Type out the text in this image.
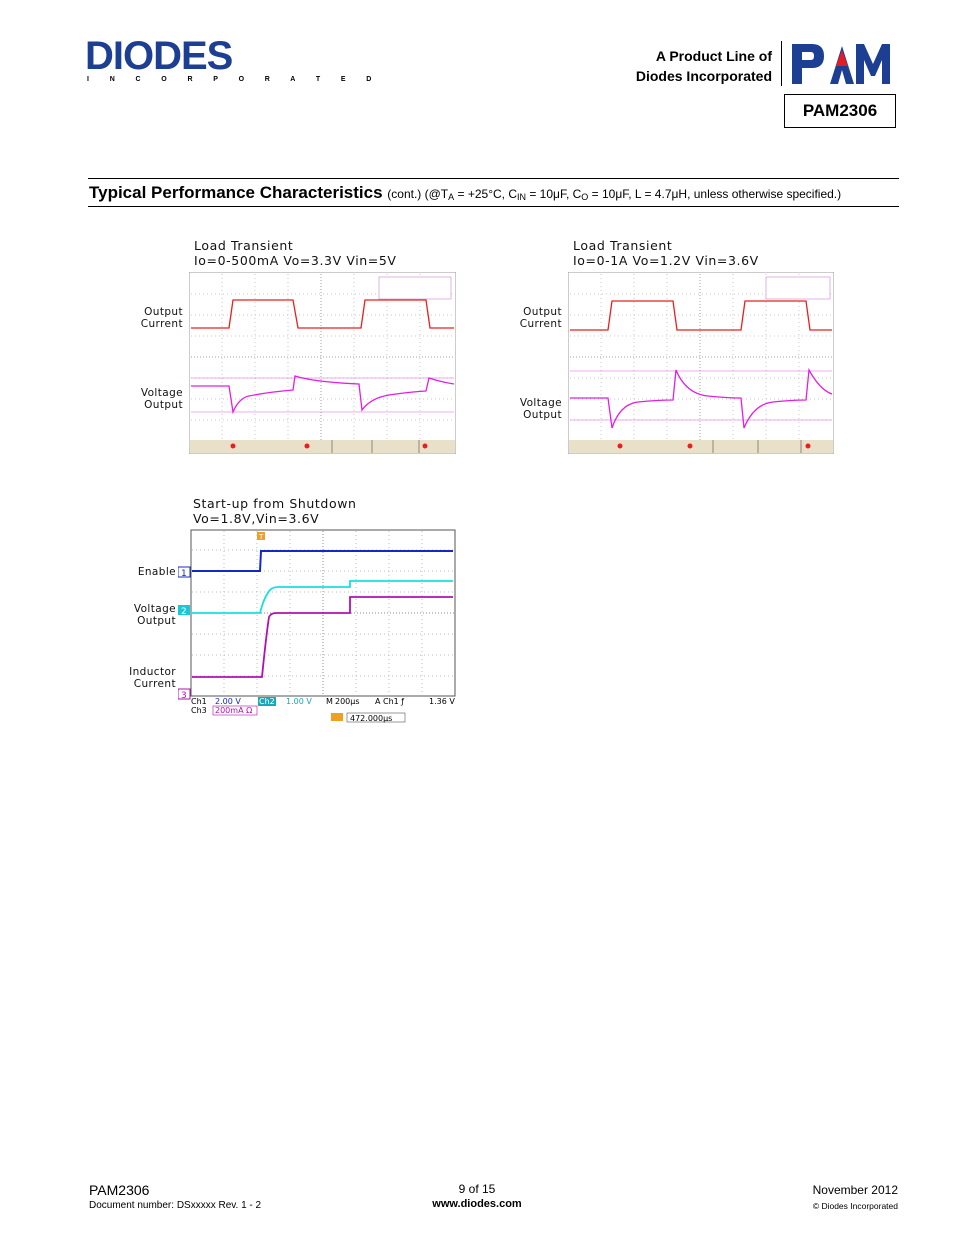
DIODES
I N C O R P O R A T E D
A Product Line of
Diodes Incorporated
PAM2306
Typical Performance Characteristics (cont.) ($@T_A = +25^\circ C$, $C_{IN} = 10\mu F$, $C_O = 10\mu F$, L = 4.7μH, unless otherwise specified.)
Load Transient
Io=0-500mA Vo=3.3V Vin=5V
Output
Current
Voltage
Output
Load Transient
Io=0-1A Vo=1.2V Vin=3.6V
Output
Current
Voltage
Output
Start-up from Shutdown
Vo=1.8V,Vin=3.6V
Enable
Voltage
Output
Inductor
Current
1
2
3
T
Ch1 2.00 V Ch2 1.00 V M 200μs A Ch1 ƒ	1.36 V
Ch3 200mA Ω
472.000μs
PAM2306
Document number: DSxxxxx Rev. 1 - 2
9 of 15
www.diodes.com
November 2012
© Diodes Incorporated
